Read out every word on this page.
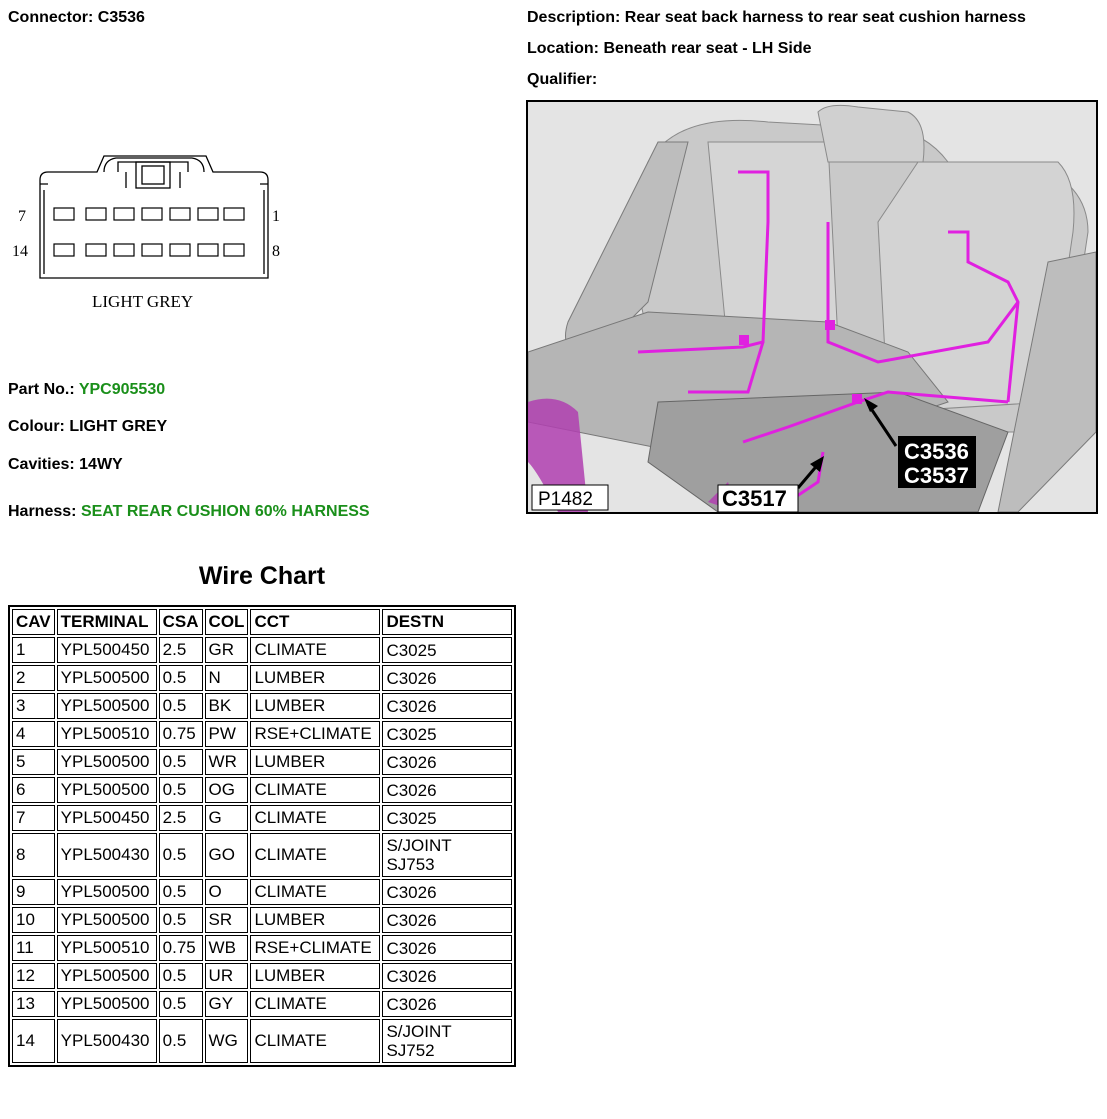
Connector: C3536	Description: Rear seat back harness to rear seat cushion harness
Location: Beneath rear seat - LH Side
Qualifier:
7	1
14	8
LIGHT GREY
Part No.: YPC905530
Colour: LIGHT GREY
Cavities: 14WY
Harness: SEAT REAR CUSHION 60% HARNESS
C3536
C3537
C3517
P1482
Wire Chart
CAV	TERMINAL	CSA	COL	CCT	DESTN
1	YPL500450	2.5	GR	CLIMATE	C3025
2	YPL500500	0.5	N	LUMBER	C3026
3	YPL500500	0.5	BK	LUMBER	C3026
4	YPL500510	0.75	PW	RSE+CLIMATE	C3025
5	YPL500500	0.5	WR	LUMBER	C3026
6	YPL500500	0.5	OG	CLIMATE	C3026
7	YPL500450	2.5	G	CLIMATE	C3025
8	YPL500430	0.5	GO	CLIMATE	S/JOINT
SJ753
9	YPL500500	0.5	O	CLIMATE	C3026
10	YPL500500	0.5	SR	LUMBER	C3026
11	YPL500510	0.75	WB	RSE+CLIMATE	C3026
12	YPL500500	0.5	UR	LUMBER	C3026
13	YPL500500	0.5	GY	CLIMATE	C3026
14	YPL500430	0.5	WG	CLIMATE	S/JOINT
SJ752
